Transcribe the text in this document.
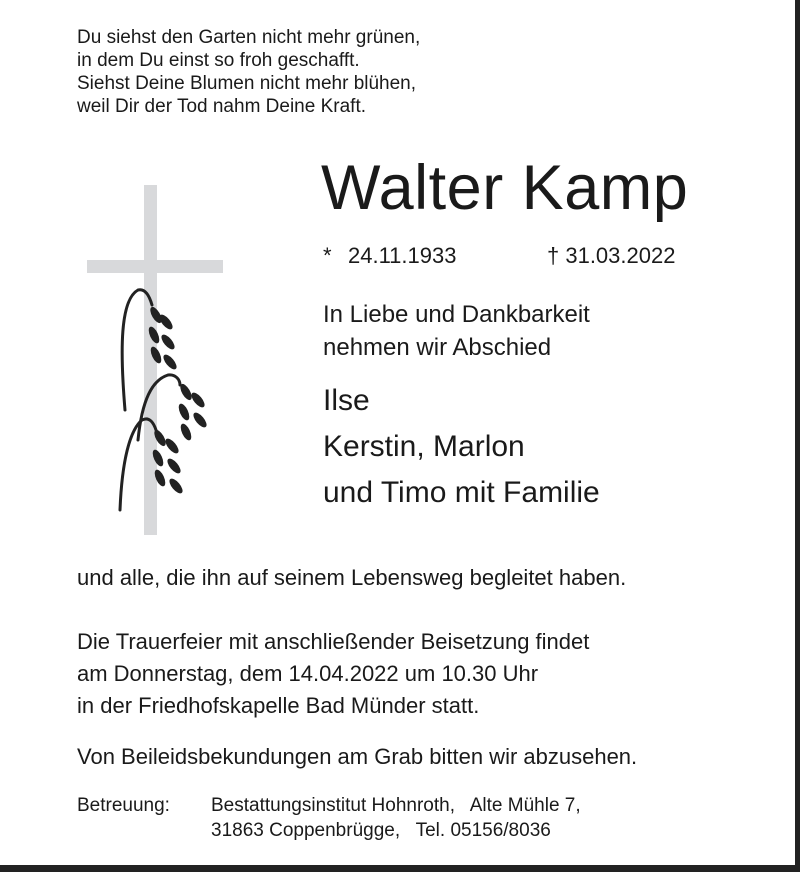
Du siehst den Garten nicht mehr grünen,
in dem Du einst so froh geschafft.
Siehst Deine Blumen nicht mehr blühen,
weil Dir der Tod nahm Deine Kraft.
Walter Kamp
* 24.11.1933	† 31.03.2022
In Liebe und Dankbarkeit
nehmen wir Abschied
Ilse
Kerstin, Marlon
und Timo mit Familie
und alle, die ihn auf seinem Lebensweg begleitet haben.
Die Trauerfeier mit anschließender Beisetzung findet
am Donnerstag, dem 14.04.2022 um 10.30 Uhr
in der Friedhofskapelle Bad Münder statt.
Von Beileidsbekundungen am Grab bitten wir abzusehen.
Betreuung: Bestattungsinstitut Hohnroth,   Alte Mühle 7,
31863 Coppenbrügge,   Tel. 05156/8036
